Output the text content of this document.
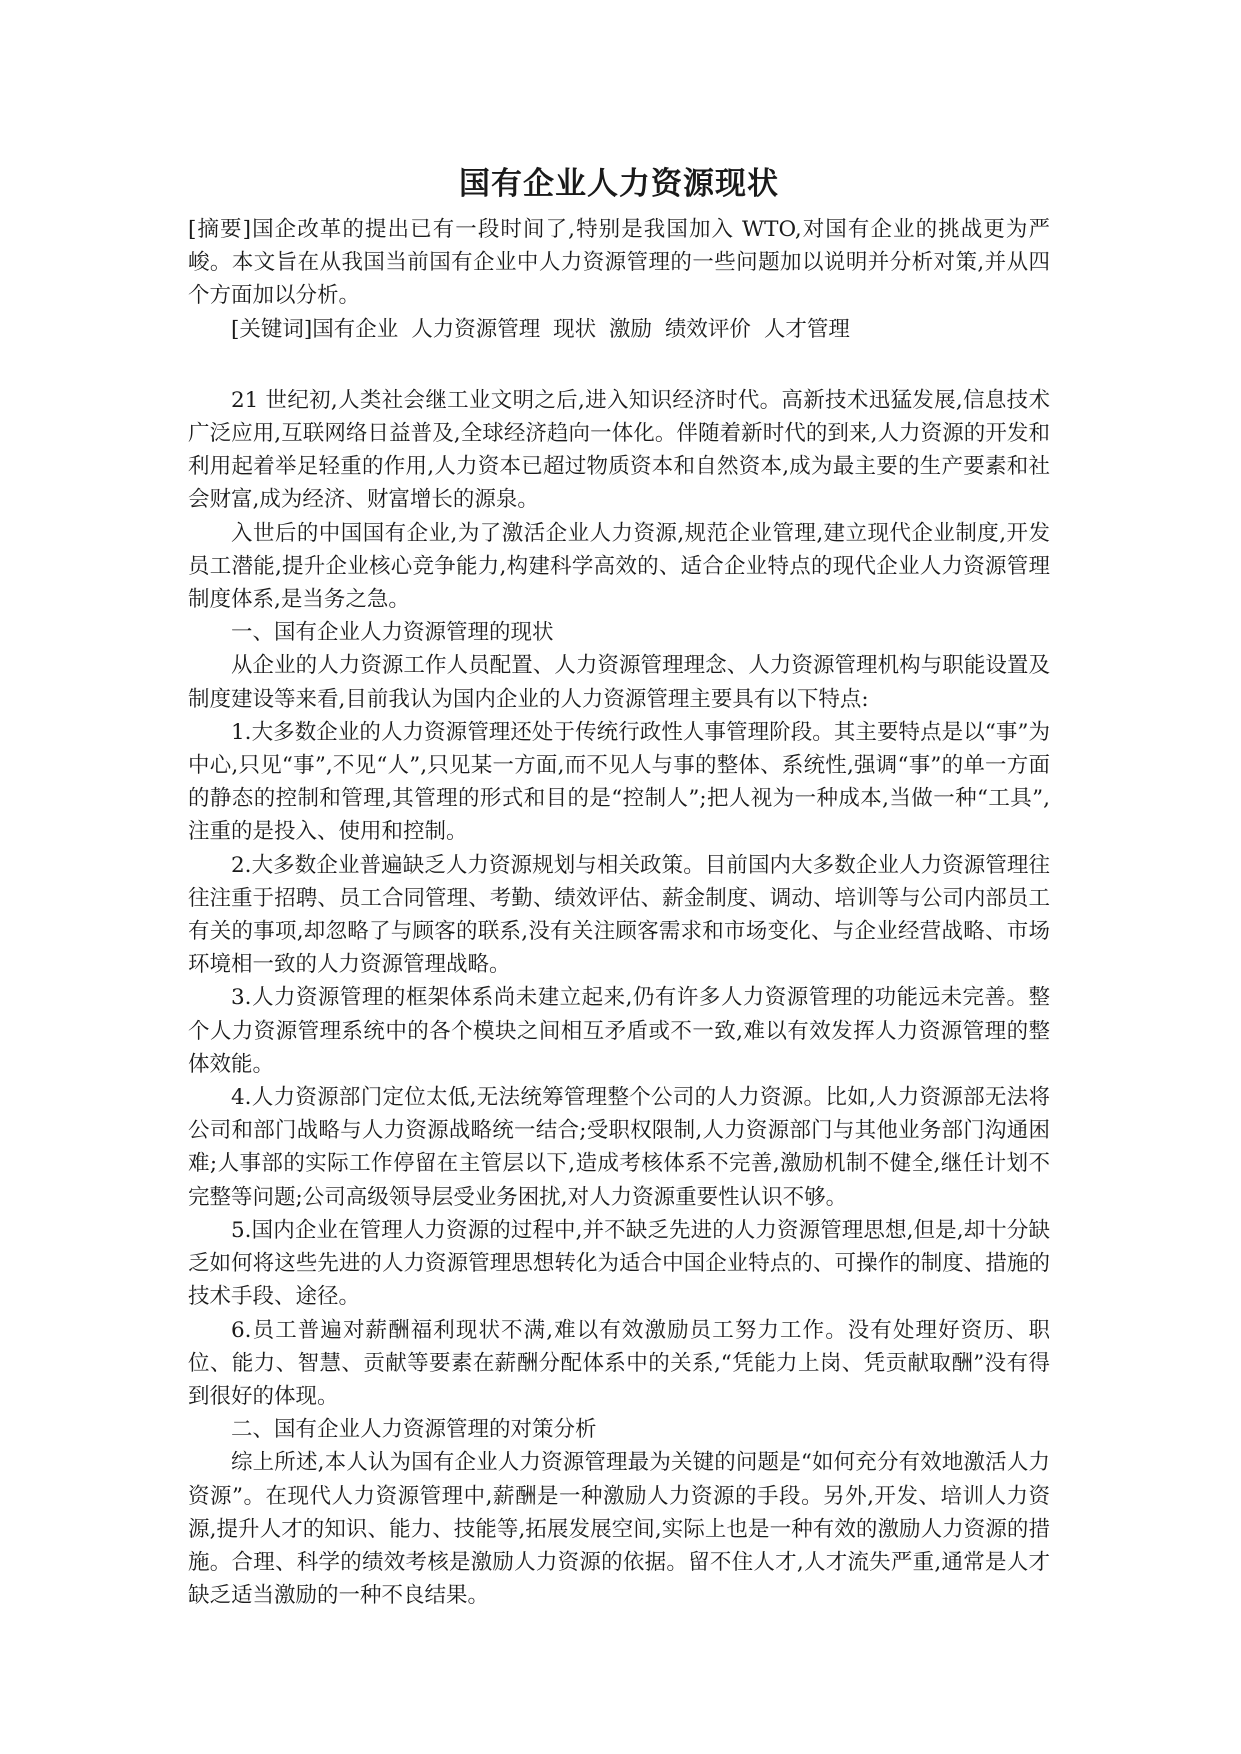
国有企业人力资源现状

[摘要]国企改革的提出已有一段时间了,特别是我国加入 WTO,对国有企业的挑战更为严峻。本文旨在从我国当前国有企业中人力资源管理的一些问题加以说明并分析对策,并从四个方面加以分析。

[关键词]国有企业 人力资源管理 现状 激励 绩效评价 人才管理

21 世纪初,人类社会继工业文明之后,进入知识经济时代。高新技术迅猛发展,信息技术广泛应用,互联网络日益普及,全球经济趋向一体化。伴随着新时代的到来,人力资源的开发和利用起着举足轻重的作用,人力资本已超过物质资本和自然资本,成为最主要的生产要素和社会财富,成为经济、财富增长的源泉。

入世后的中国国有企业,为了激活企业人力资源,规范企业管理,建立现代企业制度,开发员工潜能,提升企业核心竞争能力,构建科学高效的、适合企业特点的现代企业人力资源管理制度体系,是当务之急。

一、国有企业人力资源管理的现状

从企业的人力资源工作人员配置、人力资源管理理念、人力资源管理机构与职能设置及制度建设等来看,目前我认为国内企业的人力资源管理主要具有以下特点:

1.大多数企业的人力资源管理还处于传统行政性人事管理阶段。其主要特点是以“事”为中心,只见“事”,不见“人”,只见某一方面,而不见人与事的整体、系统性,强调“事”的单一方面的静态的控制和管理,其管理的形式和目的是“控制人”;把人视为一种成本,当做一种“工具”,注重的是投入、使用和控制。

2.大多数企业普遍缺乏人力资源规划与相关政策。目前国内大多数企业人力资源管理往往注重于招聘、员工合同管理、考勤、绩效评估、薪金制度、调动、培训等与公司内部员工有关的事项,却忽略了与顾客的联系,没有关注顾客需求和市场变化、与企业经营战略、市场环境相一致的人力资源管理战略。

3.人力资源管理的框架体系尚未建立起来,仍有许多人力资源管理的功能远未完善。整个人力资源管理系统中的各个模块之间相互矛盾或不一致,难以有效发挥人力资源管理的整体效能。

4.人力资源部门定位太低,无法统筹管理整个公司的人力资源。比如,人力资源部无法将公司和部门战略与人力资源战略统一结合;受职权限制,人力资源部门与其他业务部门沟通困难;人事部的实际工作停留在主管层以下,造成考核体系不完善,激励机制不健全,继任计划不完整等问题;公司高级领导层受业务困扰,对人力资源重要性认识不够。

5.国内企业在管理人力资源的过程中,并不缺乏先进的人力资源管理思想,但是,却十分缺乏如何将这些先进的人力资源管理思想转化为适合中国企业特点的、可操作的制度、措施的技术手段、途径。

6.员工普遍对薪酬福利现状不满,难以有效激励员工努力工作。没有处理好资历、职位、能力、智慧、贡献等要素在薪酬分配体系中的关系,“凭能力上岗、凭贡献取酬”没有得到很好的体现。

二、国有企业人力资源管理的对策分析

综上所述,本人认为国有企业人力资源管理最为关键的问题是“如何充分有效地激活人力资源”。在现代人力资源管理中,薪酬是一种激励人力资源的手段。另外,开发、培训人力资源,提升人才的知识、能力、技能等,拓展发展空间,实际上也是一种有效的激励人力资源的措施。合理、科学的绩效考核是激励人力资源的依据。留不住人才,人才流失严重,通常是人才缺乏适当激励的一种不良结果。
